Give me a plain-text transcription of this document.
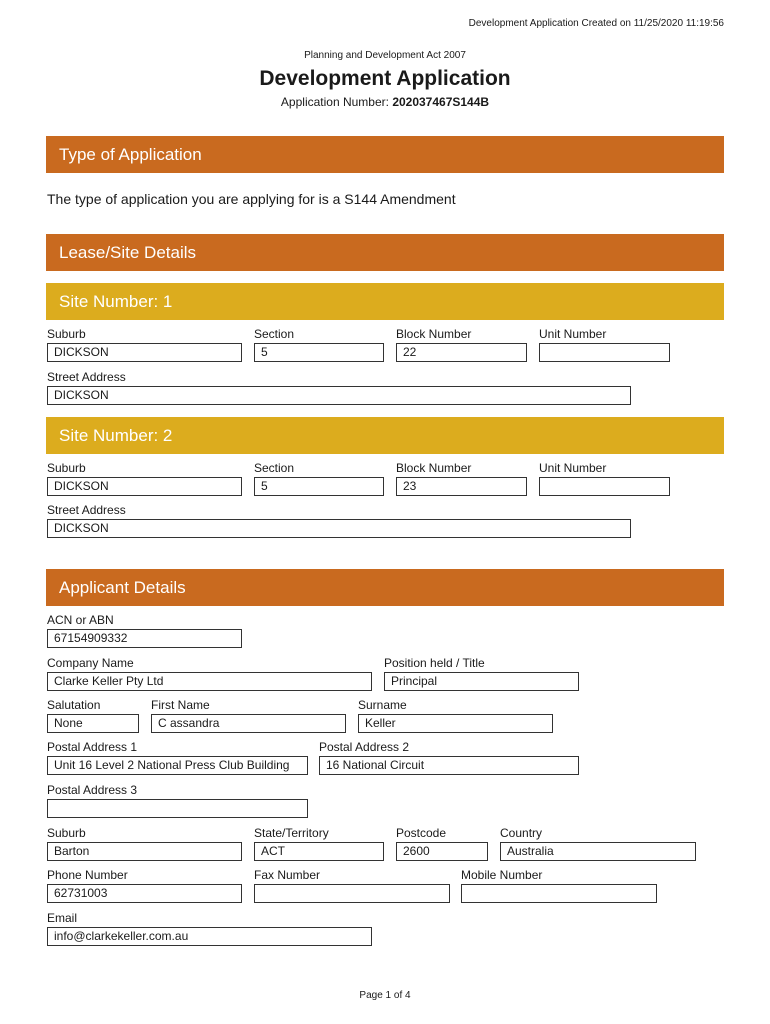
Development Application Created on 11/25/2020 11:19:56
Planning and Development Act 2007
Development Application
Application Number: 202037467S144B
Type of Application
The type of application you are applying for is a S144 Amendment
Lease/Site Details
Site Number: 1
Suburb	Section	Block Number	Unit Number
DICKSON	5	22
Street Address
DICKSON
Site Number: 2
Suburb	Section	Block Number	Unit Number
DICKSON	5	23
Street Address
DICKSON
Applicant Details
ACN or ABN
67154909332
Company Name	Position held / Title
Clarke Keller Pty Ltd	Principal
Salutation	First Name	Surname
None	C assandra	Keller
Postal Address 1	Postal Address 2
Unit 16 Level 2 National Press Club Building	16 National Circuit
Postal Address 3
Suburb	State/Territory	Postcode	Country
Barton	ACT	2600	Australia
Phone Number	Fax Number	Mobile Number
62731003
Email
info@clarkekeller.com.au
Page 1 of 4
